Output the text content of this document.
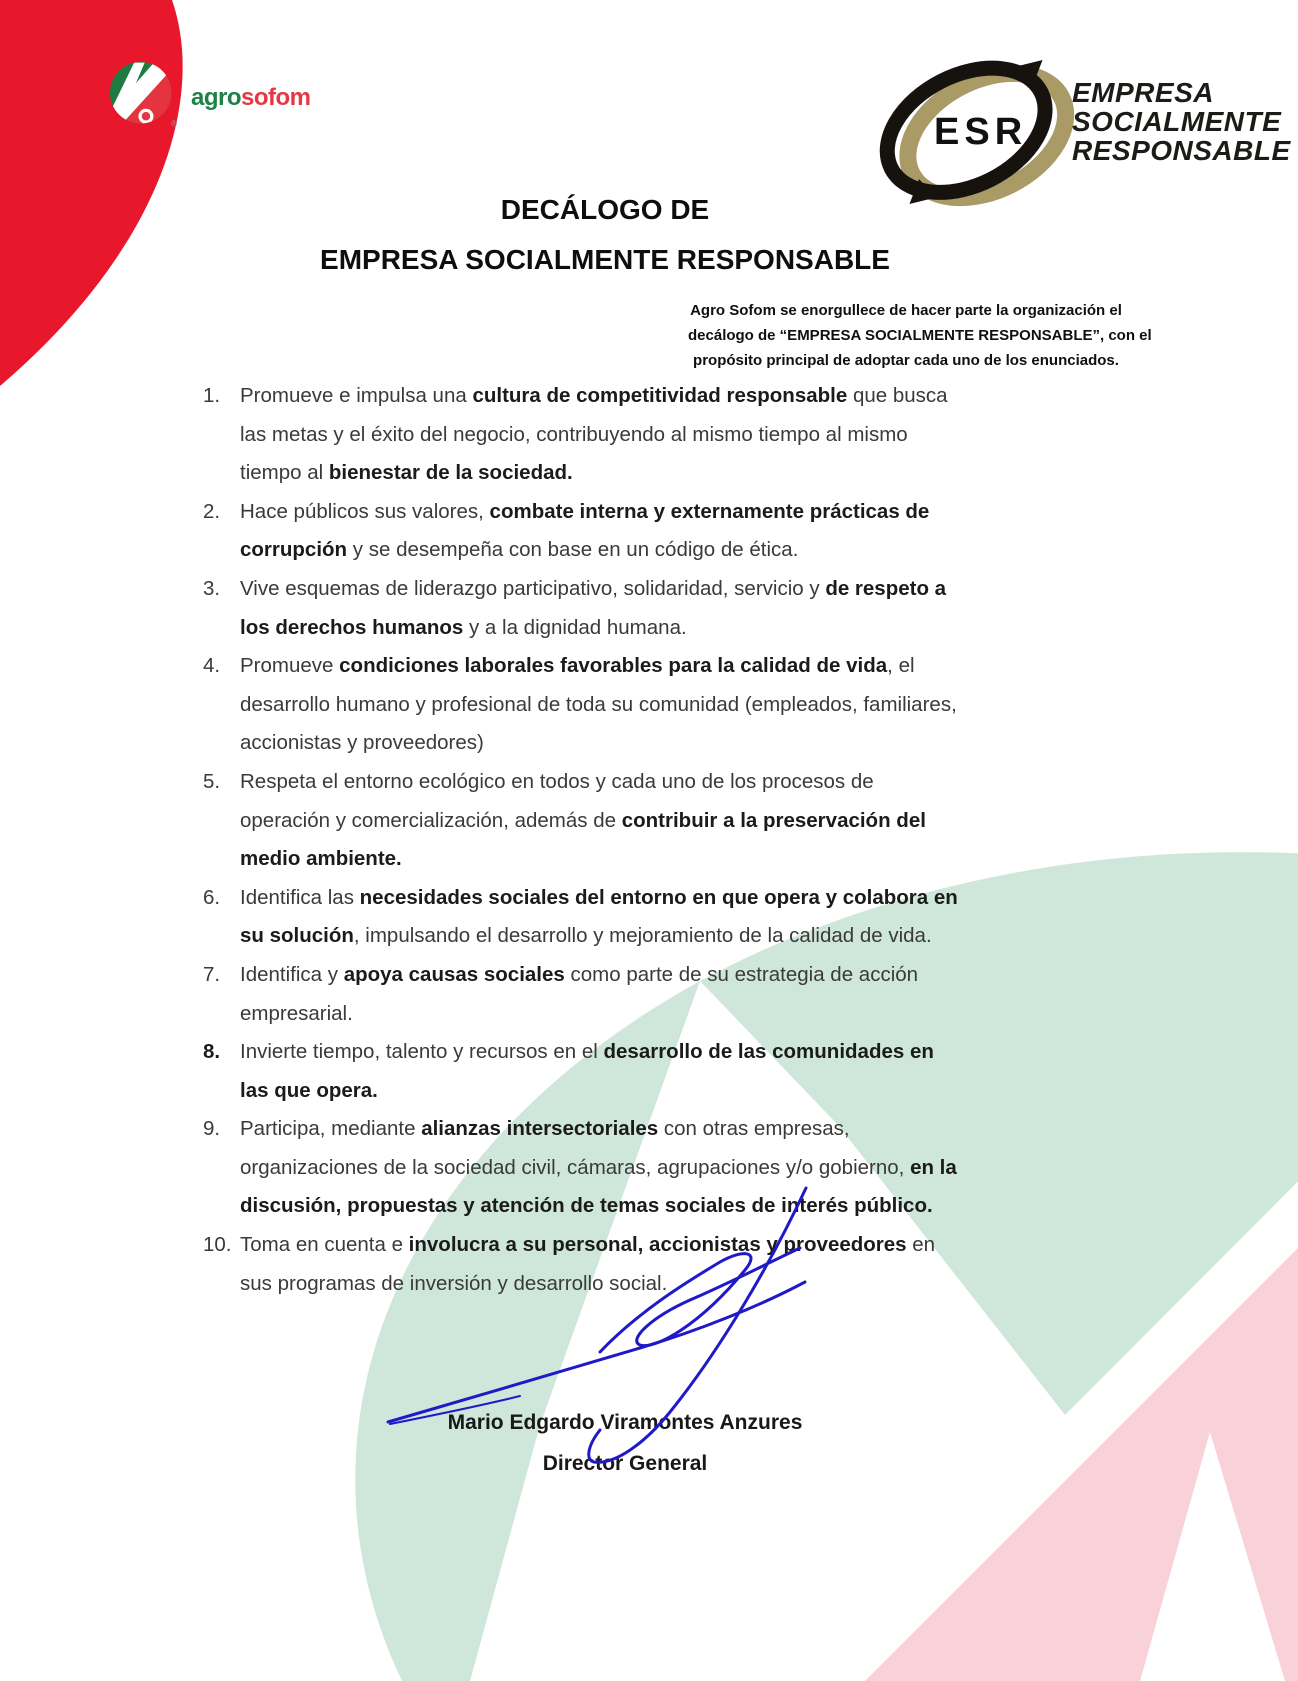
®
agrosofom
ESR
EMPRESA
SOCIALMENTE
RESPONSABLE
DECÁLOGO DE
EMPRESA SOCIALMENTE RESPONSABLE
Agro Sofom se enorgullece de hacer parte la organización el
decálogo de “EMPRESA SOCIALMENTE RESPONSABLE”, con el
propósito principal de adoptar cada uno de los enunciados.
1. Promueve e impulsa una cultura de competitividad responsable que busca las metas y el éxito del negocio, contribuyendo al mismo tiempo al mismo tiempo al bienestar de la sociedad.
2. Hace públicos sus valores, combate interna y externamente prácticas de corrupción y se desempeña con base en un código de ética.
3. Vive esquemas de liderazgo participativo, solidaridad, servicio y de respeto a los derechos humanos y a la dignidad humana.
4. Promueve condiciones laborales favorables para la calidad de vida, el desarrollo humano y profesional de toda su comunidad (empleados, familiares, accionistas y proveedores)
5. Respeta el entorno ecológico en todos y cada uno de los procesos de operación y comercialización, además de contribuir a la preservación del medio ambiente.
6. Identifica las necesidades sociales del entorno en que opera y colabora en su solución, impulsando el desarrollo y mejoramiento de la calidad de vida.
7. Identifica y apoya causas sociales como parte de su estrategia de acción empresarial.
8. Invierte tiempo, talento y recursos en el desarrollo de las comunidades en las que opera.
9. Participa, mediante alianzas intersectoriales con otras empresas, organizaciones de la sociedad civil, cámaras, agrupaciones y/o gobierno, en la discusión, propuestas y atención de temas sociales de interés público.
10. Toma en cuenta e involucra a su personal, accionistas y proveedores en sus programas de inversión y desarrollo social.
Mario Edgardo Viramontes Anzures
Director General
